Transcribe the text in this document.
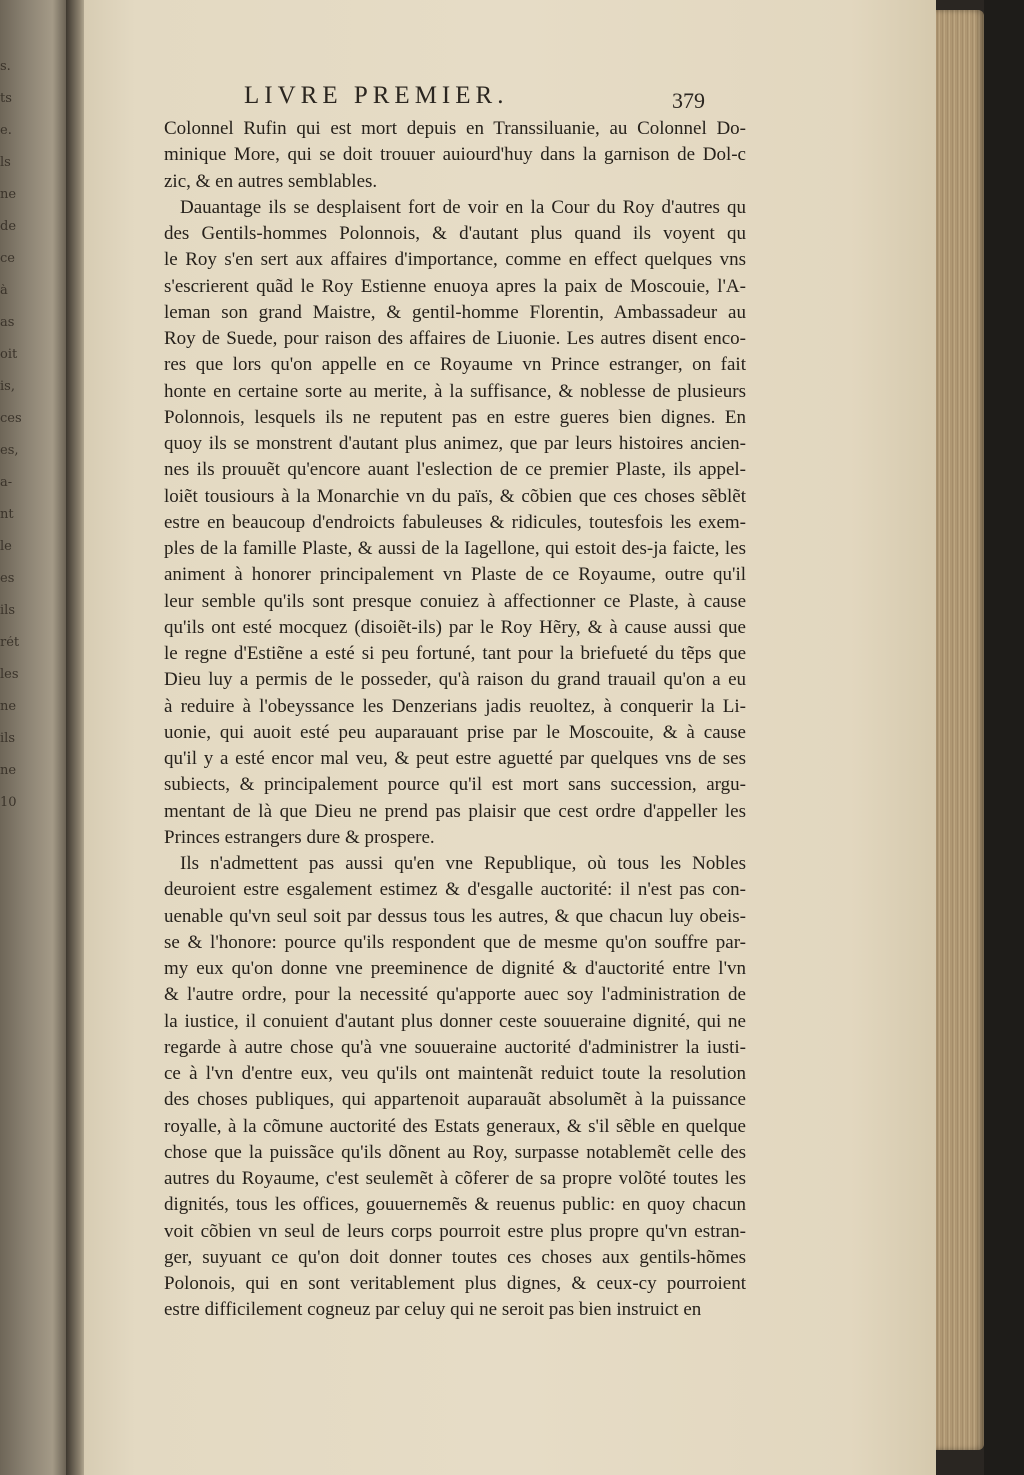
s.
ts
e.
ls
ne
de
ce
à
as
oit
is,
ces
es,
a-
nt
le
es
ils
rét
les
ne
ils
ne
10
LIVRE PREMIER.	379
Colonnel Rufin qui est mort depuis en Transsiluanie, au Colonnel Do-
minique More, qui se doit trouuer auiourd'huy dans la garnison de Dol-c
zic, & en autres semblables.
Dauantage ils se desplaisent fort de voir en la Cour du Roy d'autres qu
des Gentils-hommes Polonnois, & d'autant plus quand ils voyent qu
le Roy s'en sert aux affaires d'importance, comme en effect quelques vns
s'escrierent quãd le Roy Estienne enuoya apres la paix de Moscouie, l'A-
leman son grand Maistre, & gentil-homme Florentin, Ambassadeur au
Roy de Suede, pour raison des affaires de Liuonie. Les autres disent enco-
res que lors qu'on appelle en ce Royaume vn Prince estranger, on fait
honte en certaine sorte au merite, à la suffisance, & noblesse de plusieurs
Polonnois, lesquels ils ne reputent pas en estre gueres bien dignes. En
quoy ils se monstrent d'autant plus animez, que par leurs histoires ancien-
nes ils prouuẽt qu'encore auant l'eslection de ce premier Plaste, ils appel-
loiẽt tousiours à la Monarchie vn du païs, & cõbien que ces choses sẽblẽt
estre en beaucoup d'endroicts fabuleuses & ridicules, toutesfois les exem-
ples de la famille Plaste, & aussi de la Iagellone, qui estoit des-ja faicte, les
animent à honorer principalement vn Plaste de ce Royaume, outre qu'il
leur semble qu'ils sont presque conuiez à affectionner ce Plaste, à cause
qu'ils ont esté mocquez (disoiẽt-ils) par le Roy Hẽry, & à cause aussi que
le regne d'Estiẽne a esté si peu fortuné, tant pour la briefueté du tẽps que
Dieu luy a permis de le posseder, qu'à raison du grand trauail qu'on a eu
à reduire à l'obeyssance les Denzerians jadis reuoltez, à conquerir la Li-
uonie, qui auoit esté peu auparauant prise par le Moscouite, & à cause
qu'il y a esté encor mal veu, & peut estre aguetté par quelques vns de ses
subiects, & principalement pource qu'il est mort sans succession, argu-
mentant de là que Dieu ne prend pas plaisir que cest ordre d'appeller les
Princes estrangers dure & prospere.
Ils n'admettent pas aussi qu'en vne Republique, où tous les Nobles
deuroient estre esgalement estimez & d'esgalle auctorité: il n'est pas con-
uenable qu'vn seul soit par dessus tous les autres, & que chacun luy obeis-
se & l'honore: pource qu'ils respondent que de mesme qu'on souffre par-
my eux qu'on donne vne preeminence de dignité & d'auctorité entre l'vn
& l'autre ordre, pour la necessité qu'apporte auec soy l'administration de
la iustice, il conuient d'autant plus donner ceste souueraine dignité, qui ne
regarde à autre chose qu'à vne souueraine auctorité d'administrer la iusti-
ce à l'vn d'entre eux, veu qu'ils ont maintenãt reduict toute la resolution
des choses publiques, qui appartenoit auparauãt absolumẽt à la puissance
royalle, à la cõmune auctorité des Estats generaux, & s'il sẽble en quelque
chose que la puissãce qu'ils dõnent au Roy, surpasse notablemẽt celle des
autres du Royaume, c'est seulemẽt à cõferer de sa propre volõté toutes les
dignités, tous les offices, gouuernemẽs & reuenus public: en quoy chacun
voit cõbien vn seul de leurs corps pourroit estre plus propre qu'vn estran-
ger, suyuant ce qu'on doit donner toutes ces choses aux gentils-hõmes
Polonois, qui en sont veritablement plus dignes, & ceux-cy pourroient
estre difficilement cogneuz par celuy qui ne seroit pas bien instruict en
